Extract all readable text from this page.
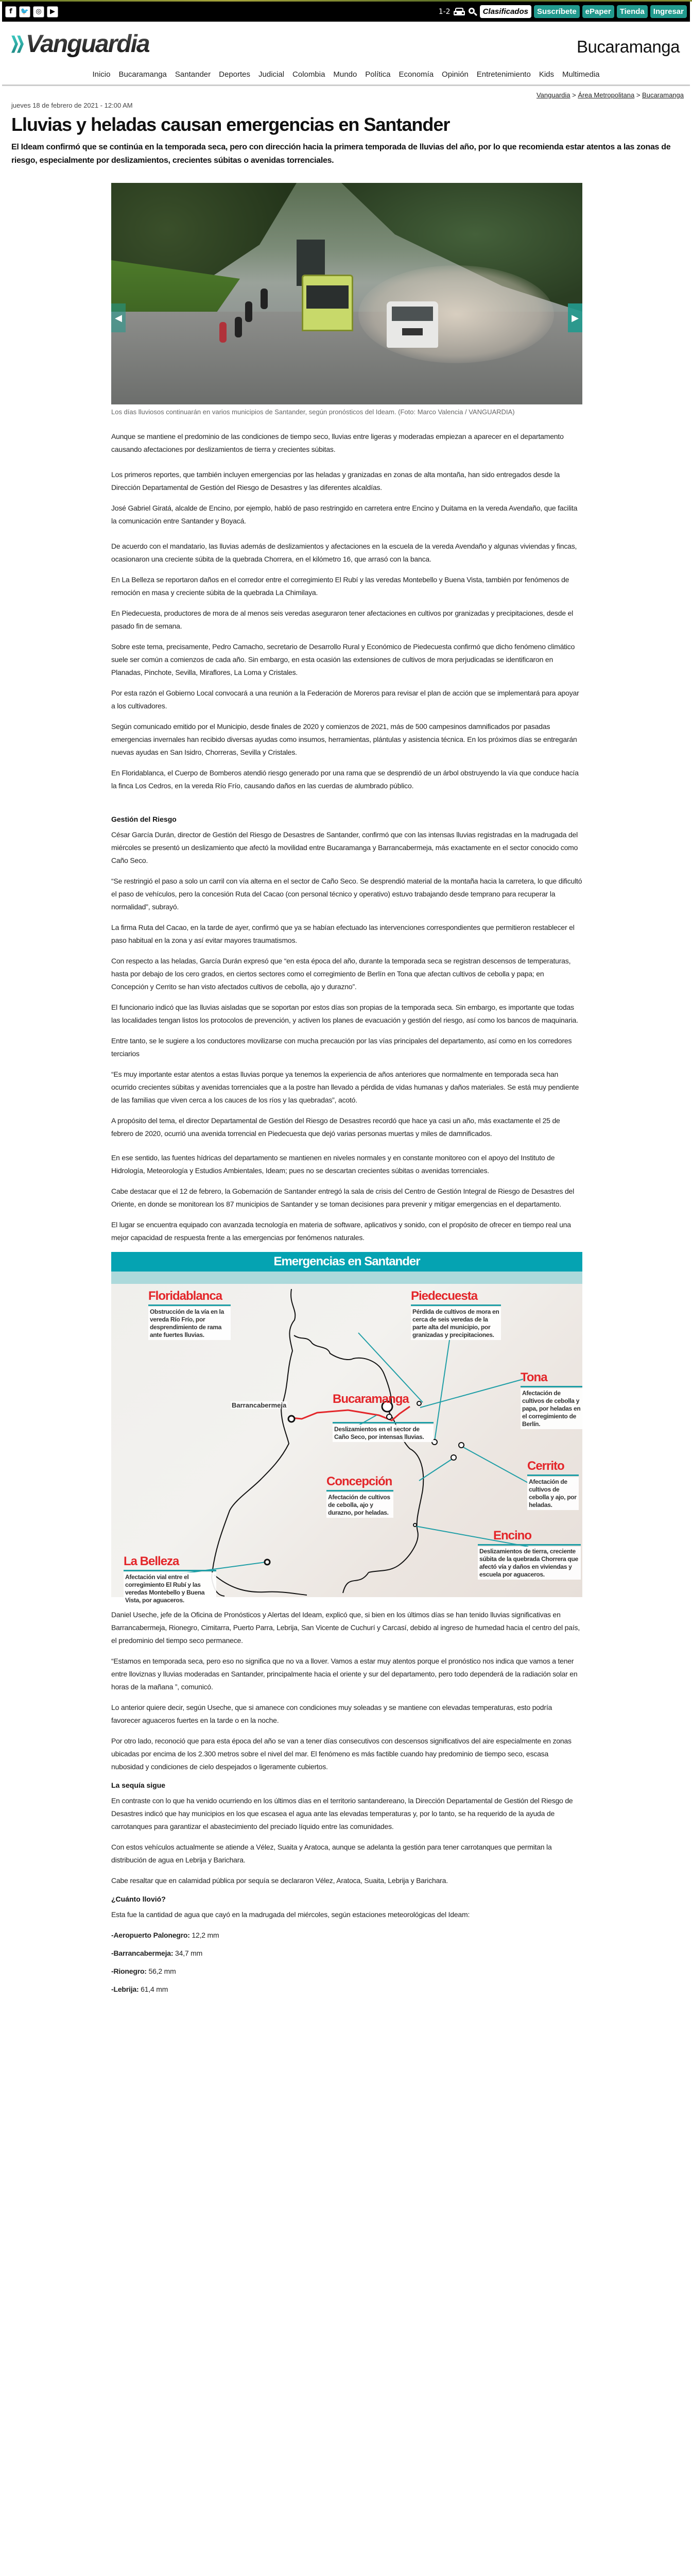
f	🐦	◎	▶	1-2	Clasificados	Suscríbete	ePaper	Tienda	Ingresar
Vanguardia	Bucaramanga
Inicio Bucaramanga Santander Deportes Judicial Colombia Mundo Política Economía Opinión Entretenimiento Kids Multimedia
Vanguardia > Área Metropolitana > Bucaramanga
jueves 18 de febrero de 2021 - 12:00 AM
Lluvias y heladas causan emergencias en Santander
El Ideam confirmó que se continúa en la temporada seca, pero con dirección hacia la primera temporada de lluvias del año, por lo que recomienda estar atentos a las zonas de riesgo, especialmente por deslizamientos, crecientes súbitas o avenidas torrenciales.
◀	▶
Los días lluviosos continuarán en varios municipios de Santander, según pronósticos del Ideam. (Foto: Marco Valencia / VANGUARDIA)

Aunque se mantiene el predominio de las condiciones de tiempo seco, lluvias entre ligeras y moderadas empiezan a aparecer en el departamento causando afectaciones por deslizamientos de tierra y crecientes súbitas.

Los primeros reportes, que también incluyen emergencias por las heladas y granizadas en zonas de alta montaña, han sido entregados desde la Dirección Departamental de Gestión del Riesgo de Desastres y las diferentes alcaldías.

José Gabriel Giratá, alcalde de Encino, por ejemplo, habló de paso restringido en carretera entre Encino y Duitama en la vereda Avendaño, que facilita la comunicación entre Santander y Boyacá.

De acuerdo con el mandatario, las lluvias además de deslizamientos y afectaciones en la escuela de la vereda Avendaño y algunas viviendas y fincas, ocasionaron una creciente súbita de la quebrada Chorrera, en el kilómetro 16, que arrasó con la banca.

En La Belleza se reportaron daños en el corredor entre el corregimiento El Rubí y las veredas Montebello y Buena Vista, también por fenómenos de remoción en masa y creciente súbita de la quebrada La Chimilaya.

En Piedecuesta, productores de mora de al menos seis veredas aseguraron tener afectaciones en cultivos por granizadas y precipitaciones, desde el pasado fin de semana.

Sobre este tema, precisamente, Pedro Camacho, secretario de Desarrollo Rural y Económico de Piedecuesta confirmó que dicho fenómeno climático suele ser común a comienzos de cada año. Sin embargo, en esta ocasión las extensiones de cultivos de mora perjudicadas se identificaron en Planadas, Pinchote, Sevilla, Miraflores, La Loma y Cristales.

Por esta razón el Gobierno Local convocará a una reunión a la Federación de Moreros para revisar el plan de acción que se implementará para apoyar a los cultivadores.

Según comunicado emitido por el Municipio, desde finales de 2020 y comienzos de 2021, más de 500 campesinos damnificados por pasadas emergencias invernales han recibido diversas ayudas como insumos, herramientas, plántulas y asistencia técnica. En los próximos días se entregarán nuevas ayudas en San Isidro, Chorreras, Sevilla y Cristales.

En Floridablanca, el Cuerpo de Bomberos atendió riesgo generado por una rama que se desprendió de un árbol obstruyendo la vía que conduce hacía la finca Los Cedros, en la vereda Río Frío, causando daños en las cuerdas de alumbrado público.

Gestión del Riesgo

César García Durán, director de Gestión del Riesgo de Desastres de Santander, confirmó que con las intensas lluvias registradas en la madrugada del miércoles se presentó un deslizamiento que afectó la movilidad entre Bucaramanga y Barrancabermeja, más exactamente en el sector conocido como Caño Seco.

“Se restringió el paso a solo un carril con vía alterna en el sector de Caño Seco. Se desprendió material de la montaña hacia la carretera, lo que dificultó el paso de vehículos, pero la concesión Ruta del Cacao (con personal técnico y operativo) estuvo trabajando desde temprano para recuperar la normalidad”, subrayó.

La firma Ruta del Cacao, en la tarde de ayer, confirmó que ya se habían efectuado las intervenciones correspondientes que permitieron restablecer el paso habitual en la zona y así evitar mayores traumatismos.

Con respecto a las heladas, García Durán expresó que “en esta época del año, durante la temporada seca se registran descensos de temperaturas, hasta por debajo de los cero grados, en ciertos sectores como el corregimiento de Berlín en Tona que afectan cultivos de cebolla y papa; en Concepción y Cerrito se han visto afectados cultivos de cebolla, ajo y durazno”.

El funcionario indicó que las lluvias aisladas que se soportan por estos días son propias de la temporada seca. Sin embargo, es importante que todas las localidades tengan listos los protocolos de prevención, y activen los planes de evacuación y gestión del riesgo, así como los bancos de maquinaria.

Entre tanto, se le sugiere a los conductores movilizarse con mucha precaución por las vías principales del departamento, así como en los corredores terciarios

“Es muy importante estar atentos a estas lluvias porque ya tenemos la experiencia de años anteriores que normalmente en temporada seca han ocurrido crecientes súbitas y avenidas torrenciales que a la postre han llevado a pérdida de vidas humanas y daños materiales. Se está muy pendiente de las familias que viven cerca a los cauces de los ríos y las quebradas”, acotó.

A propósito del tema, el director Departamental de Gestión del Riesgo de Desastres recordó que hace ya casi un año, más exactamente el 25 de febrero de 2020, ocurrió una avenida torrencial en Piedecuesta que dejó varias personas muertas y miles de damnificados.

En ese sentido, las fuentes hídricas del departamento se mantienen en niveles normales y en constante monitoreo con el apoyo del Instituto de Hidrología, Meteorología y Estudios Ambientales, Ideam; pues no se descartan crecientes súbitas o avenidas torrenciales.

Cabe destacar que el 12 de febrero, la Gobernación de Santander entregó la sala de crisis del Centro de Gestión Integral de Riesgo de Desastres del Oriente, en donde se monitorean los 87 municipios de Santander y se toman decisiones para prevenir y mitigar emergencias en el departamento.

El lugar se encuentra equipado con avanzada tecnología en materia de software, aplicativos y sonido, con el propósito de ofrecer en tiempo real una mejor capacidad de respuesta frente a las emergencias por fenómenos naturales.

Emergencias en Santander
Barrancabermeja
Floridablanca
Obstrucción de la vía en la vereda Río Frío, por desprendimiento de rama ante fuertes lluvias.
Piedecuesta
Pérdida de cultivos de mora en cerca de seis veredas de la parte alta del municipio, por granizadas y precipitaciones.
Tona
Afectación de cultivos de cebolla y papa, por heladas en el corregimiento de Berlín.
Bucaramanga
Deslizamientos en el sector de Caño Seco, por intensas lluvias.
Cerrito
Afectación de cultivos de cebolla y ajo, por heladas.
Concepción
Afectación de cultivos de cebolla, ajo y durazno, por heladas.
Encino
Deslizamientos de tierra, creciente súbita de la quebrada Chorrera que afectó vía y daños en viviendas y escuela por aguaceros.
La Belleza
Afectación vial entre el corregimiento El Rubí y las veredas Montebello y Buena Vista, por aguaceros.

Daniel Useche, jefe de la Oficina de Pronósticos y Alertas del Ideam, explicó que, si bien en los últimos días se han tenido lluvias significativas en Barrancabermeja, Rionegro, Cimitarra, Puerto Parra, Lebrija, San Vicente de Cuchurí y Carcasí, debido al ingreso de humedad hacia el centro del país, el predominio del tiempo seco permanece.

“Estamos en temporada seca, pero eso no significa que no va a llover. Vamos a estar muy atentos porque el pronóstico nos indica que vamos a tener entre lloviznas y lluvias moderadas en Santander, principalmente hacia el oriente y sur del departamento, pero todo dependerá de la radiación solar en horas de la mañana ”, comunicó.

Lo anterior quiere decir, según Useche, que si amanece con condiciones muy soleadas y se mantiene con elevadas temperaturas, esto podría favorecer aguaceros fuertes en la tarde o en la noche.

Por otro lado, reconoció que para esta época del año se van a tener días consecutivos con descensos significativos del aire especialmente en zonas ubicadas por encima de los 2.300 metros sobre el nivel del mar. El fenómeno es más factible cuando hay predominio de tiempo seco, escasa nubosidad y condiciones de cielo despejados o ligeramente cubiertos.

La sequía sigue

En contraste con lo que ha venido ocurriendo en los últimos días en el territorio santandereano, la Dirección Departamental de Gestión del Riesgo de Desastres indicó que hay municipios en los que escasea el agua ante las elevadas temperaturas y, por lo tanto, se ha requerido de la ayuda de carrotanques para garantizar el abastecimiento del preciado líquido entre las comunidades.

Con estos vehículos actualmente se atiende a Vélez, Suaita y Aratoca, aunque se adelanta la gestión para tener carrotanques que permitan la distribución de agua en Lebrija y Barichara.

Cabe resaltar que en calamidad pública por sequía se declararon Vélez, Aratoca, Suaita, Lebrija y Barichara.

¿Cuánto llovió?

Esta fue la cantidad de agua que cayó en la madrugada del miércoles, según estaciones meteorológicas del Ideam:

-Aeropuerto Palonegro: 12,2 mm

-Barrancabermeja: 34,7 mm

-Rionegro: 56,2 mm

-Lebrija: 61,4 mm
